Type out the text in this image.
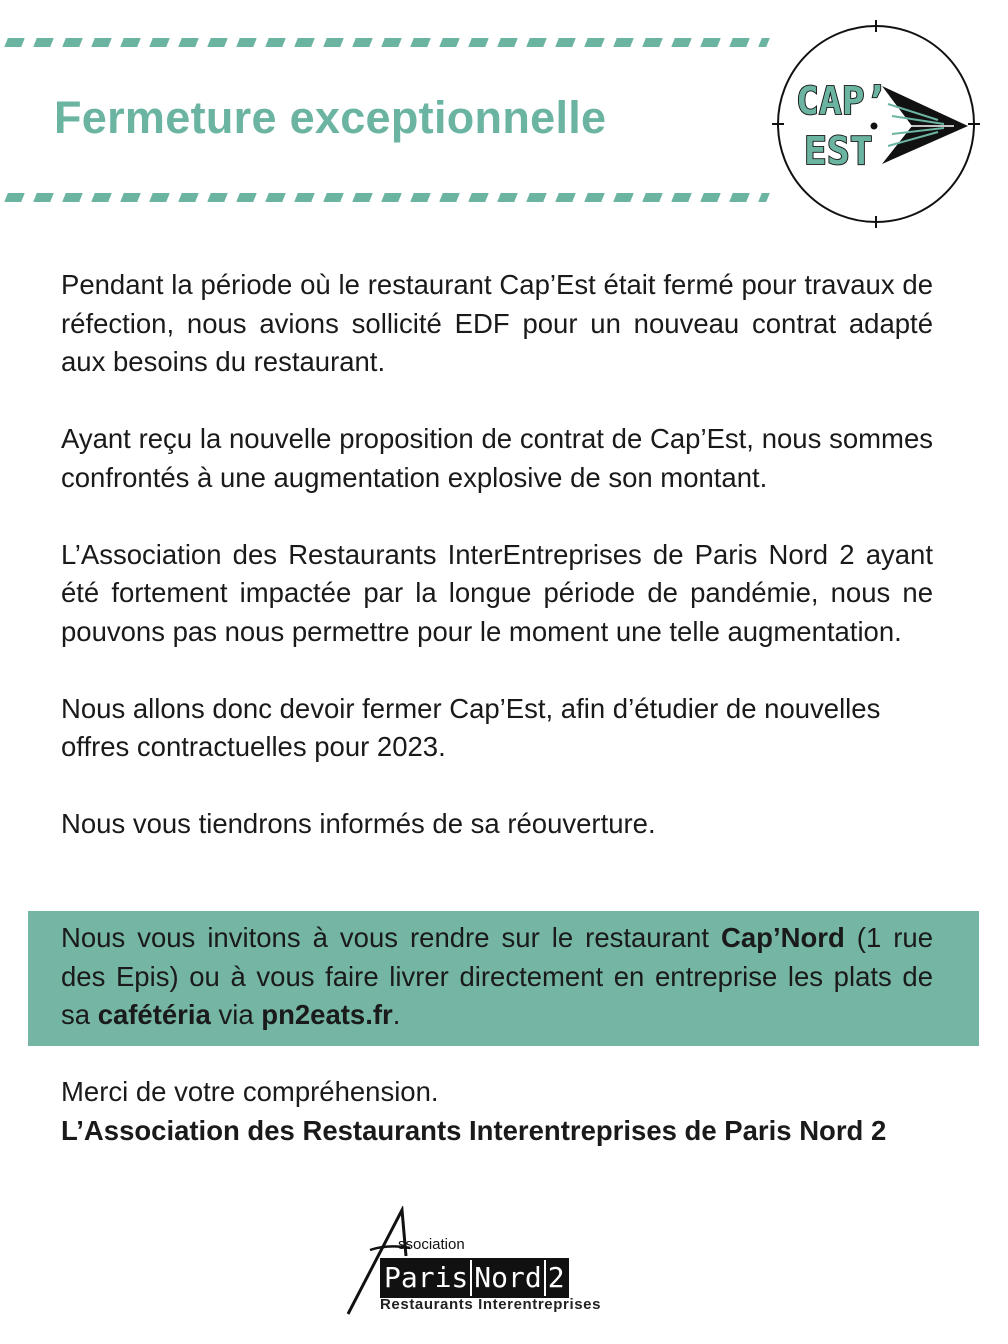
Fermeture exceptionnelle	CAP’
EST

Pendant la période où le restaurant Cap’Est était fermé pour travaux de réfection, nous avions sollicité EDF pour un nouveau contrat adapté aux besoins du restaurant.

Ayant reçu la nouvelle proposition de contrat de Cap’Est, nous sommes confrontés à une augmentation explosive de son montant.

L’Association des Restaurants InterEntreprises de Paris Nord 2 ayant été fortement impactée par la longue période de pandémie, nous ne pouvons pas nous permettre pour le moment une telle augmentation.

Nous allons donc devoir fermer Cap’Est, afin d’étudier de nouvelles offres contractuelles pour 2023.

Nous vous tiendrons informés de sa réouverture.

Nous vous invitons à vous rendre sur le restaurant Cap’Nord (1 rue des Epis) ou à vous faire livrer directement en entreprise les plats de sa cafétéria via pn2eats.fr.

Merci de votre compréhension.
L’Association des Restaurants Interentreprises de Paris Nord 2
ssociation
Paris Nord 2
Restaurants Interentreprises
